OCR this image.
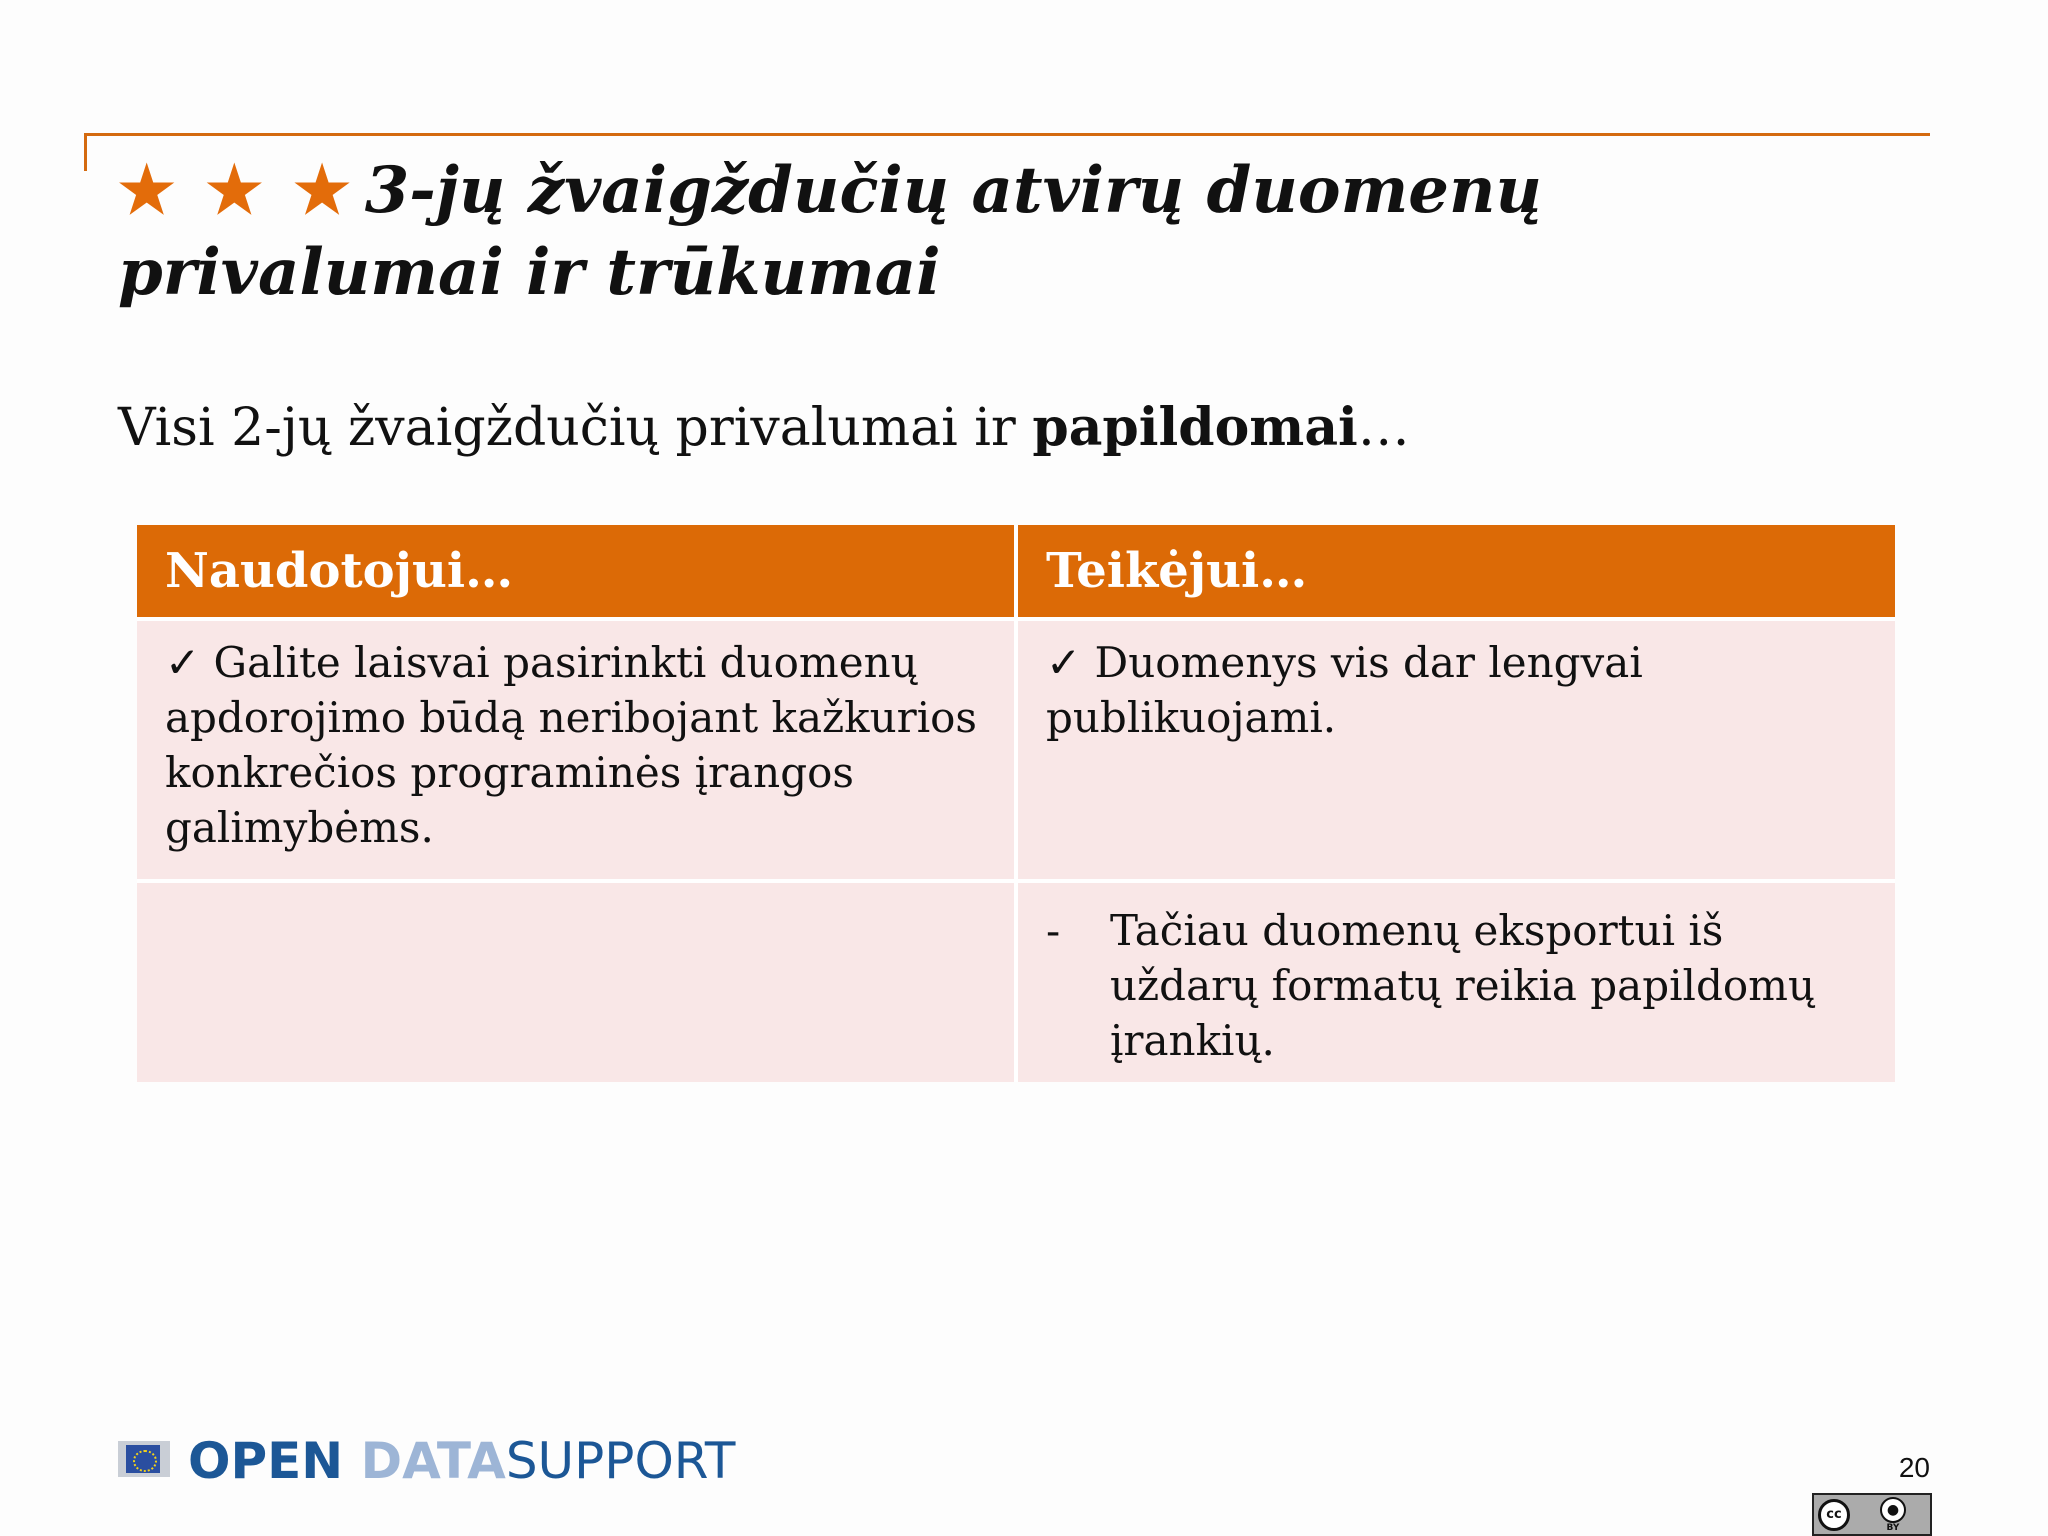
★ ★ ★ 3-jų žvaigždučių atvirų duomenų privalumai ir trūkumai

Visi 2-jų žvaigždučių privalumai ir papildomai…

Naudotojui…	Teikėjui…
✓ Galite laisvai pasirinkti duomenų apdorojimo būdą neribojant kažkurios konkrečios programinės įrangos galimybėms.	✓ Duomenys vis dar lengvai publikuojami.

	- Tačiau duomenų eksportui iš uždarų formatų reikia papildomų įrankių.
OPEN DATASUPPORT	20
cc	●
BY
